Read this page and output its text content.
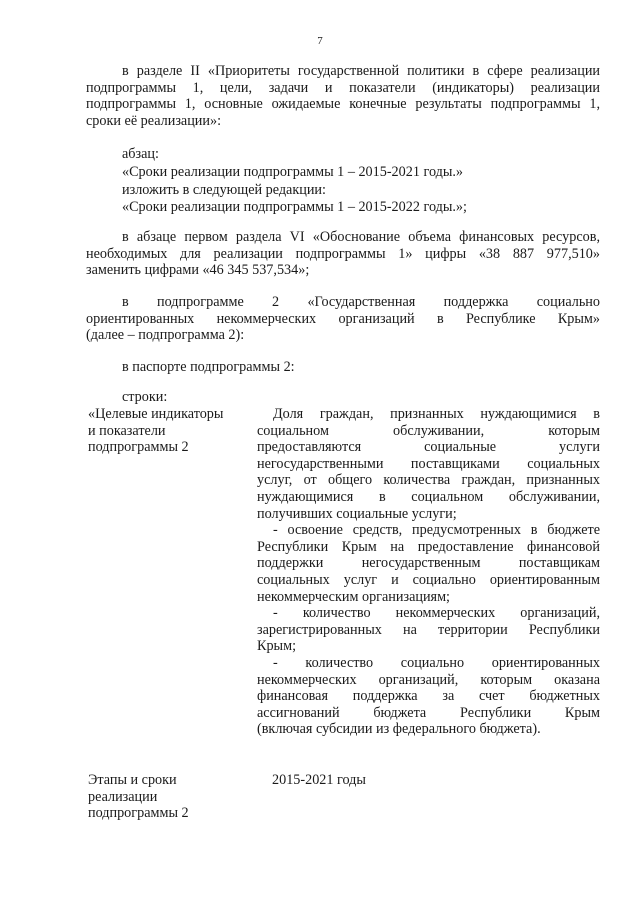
7
в разделе II «Приоритеты государственной политики в сфере реализации
подпрограммы 1, цели, задачи и показатели (индикаторы) реализации
подпрограммы 1, основные ожидаемые конечные результаты подпрограммы 1,
сроки её реализации»:
абзац:
«Сроки реализации подпрограммы 1 – 2015-2021 годы.»
изложить в следующей редакции:
«Сроки реализации подпрограммы 1 – 2015-2022 годы.»;
в абзаце первом раздела VI «Обоснование объема финансовых ресурсов,
необходимых для реализации подпрограммы 1» цифры «38 887 977,510»
заменить цифрами «46 345 537,534»;
в подпрограмме 2 «Государственная поддержка социально
ориентированных некоммерческих организаций в Республике Крым»
(далее – подпрограмма 2):
в паспорте подпрограммы 2:
строки:
«Целевые индикаторы
и показатели
подпрограммы 2
Доля граждан, признанных нуждающимися в
социальном обслуживании, которым
предоставляются социальные услуги
негосударственными поставщиками социальных
услуг, от общего количества граждан, признанных
нуждающимися в социальном обслуживании,
получивших социальные услуги;
- освоение средств, предусмотренных в бюджете
Республики Крым на предоставление финансовой
поддержки негосударственным поставщикам
социальных услуг и социально ориентированным
некоммерческим организациям;
- количество некоммерческих организаций,
зарегистрированных на территории Республики
Крым;
- количество социально ориентированных
некоммерческих организаций, которым оказана
финансовая поддержка за счет бюджетных
ассигнований бюджета Республики Крым
(включая субсидии из федерального бюджета).
Этапы и сроки
реализации
подпрограммы 2
2015-2021 годы
